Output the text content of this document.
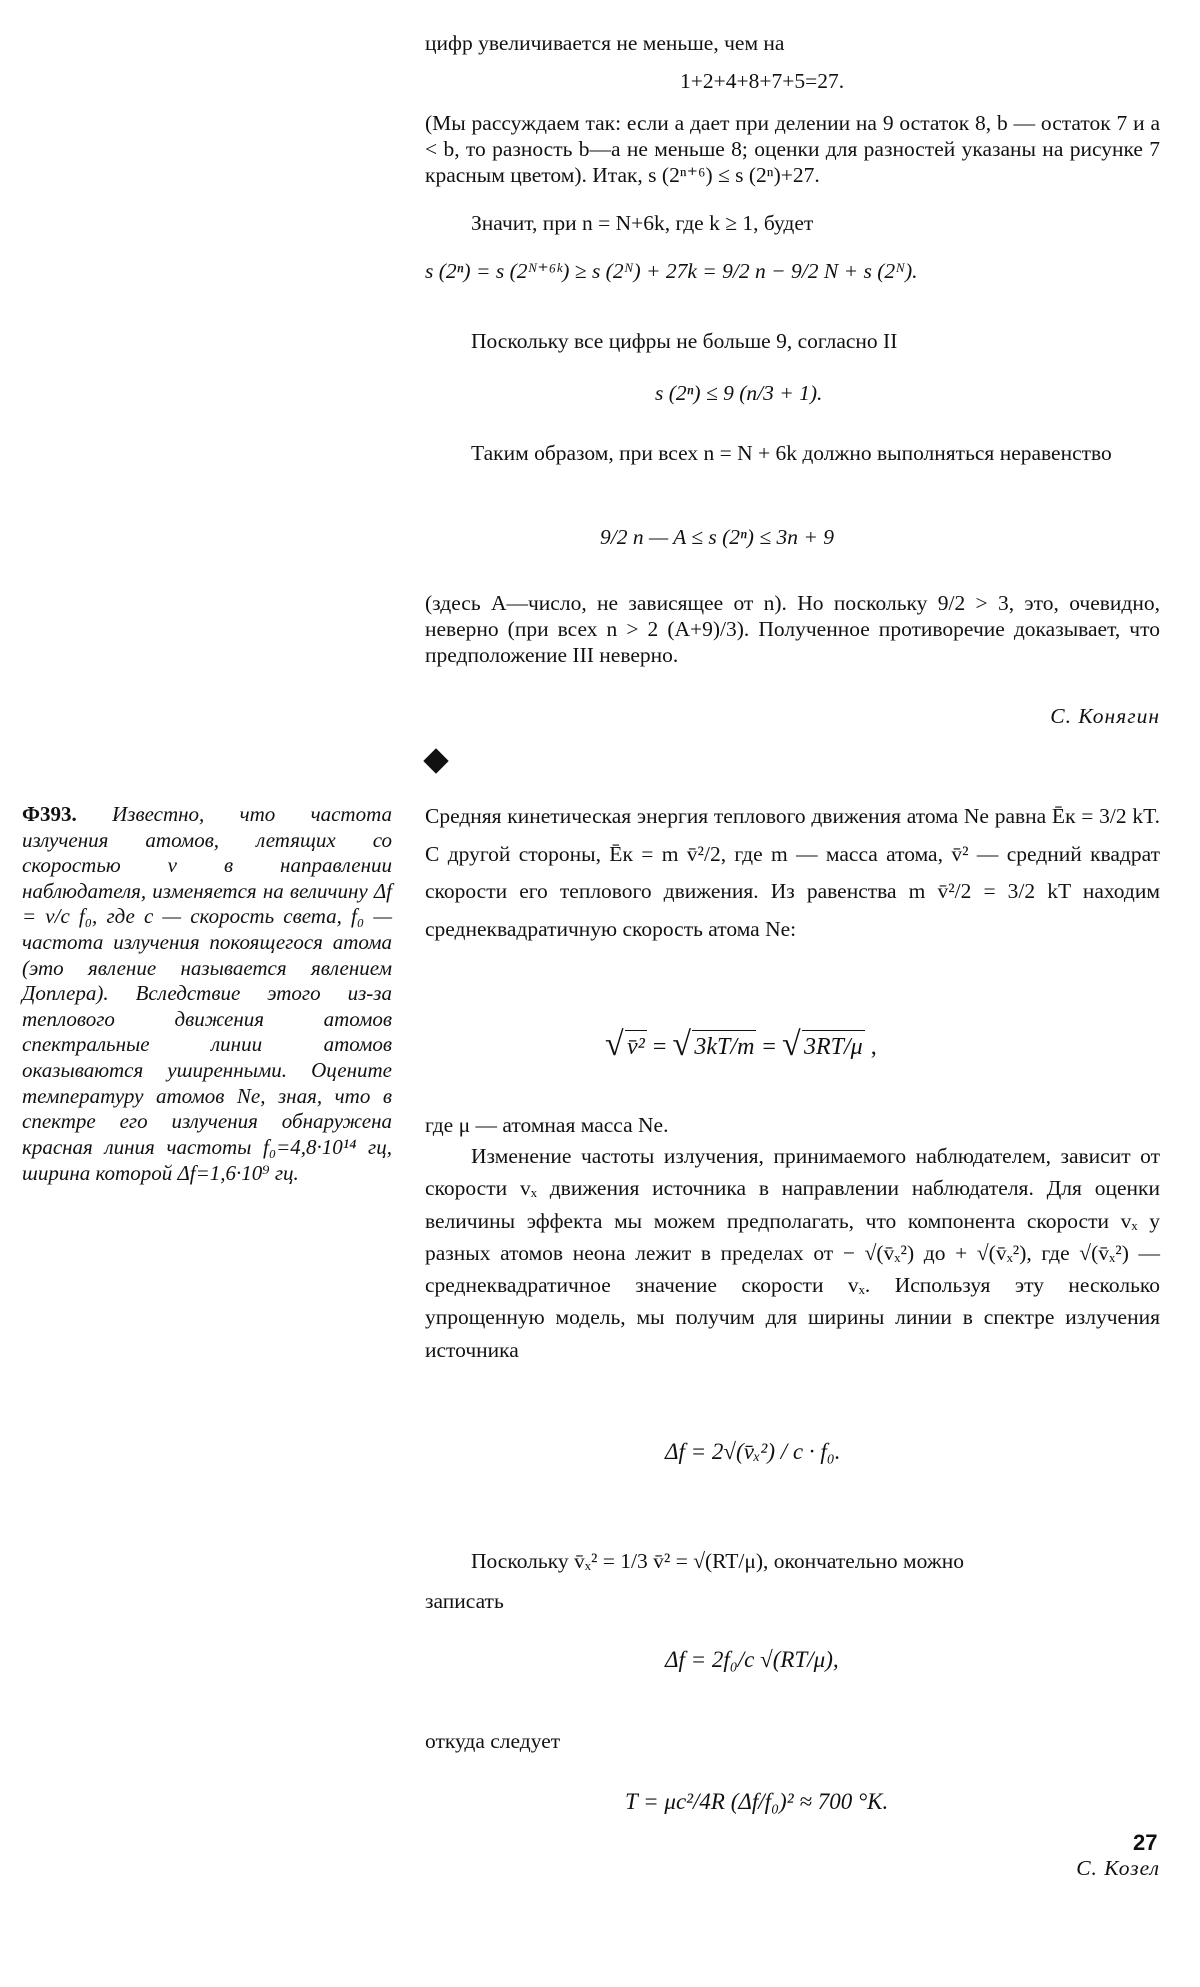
цифр увеличивается не меньше, чем на
1+2+4+8+7+5=27.
(Мы рассуждаем так: если a дает при делении на 9 остаток 8, b — остаток 7 и a < b, то разность b—a не меньше 8; оценки для разностей указаны на рисунке 7 красным цветом). Итак, s (2ⁿ⁺⁶) ≤ s (2ⁿ)+27.
Значит, при n = N+6k, где k ≥ 1, будет
s (2ⁿ) = s (2ᴺ⁺⁶ᵏ) ≥ s (2ᴺ) + 27k = 9/2 n − 9/2 N + s (2ᴺ).
Поскольку все цифры не больше 9, согласно II
s (2ⁿ) ≤ 9 (n/3 + 1).
Таким образом, при всех n = N + 6k должно выполняться неравенство
9/2 n — A ≤ s (2ⁿ) ≤ 3n + 9
(здесь A—число, не зависящее от n). Но поскольку 9/2 > 3, это, очевидно, неверно (при всех n > 2 (A+9)/3). Полученное противоречие доказывает, что предположение III неверно.
С. Конягин
Средняя кинетическая энергия теплового движения атома Ne равна Ēк = 3/2 kT. С другой стороны, Ēк = m v̄²/2, где m — масса атома, v̄² — средний квадрат скорости его теплового движения. Из равенства m v̄²/2 = 3/2 kT находим среднеквадратичную скорость атома Ne:
√ v̄² = √ 3kT/m = √ 3RT/μ ,
где μ — атомная масса Ne.
Изменение частоты излучения, принимаемого наблюдателем, зависит от скорости vₓ движения источника в направлении наблюдателя. Для оценки величины эффекта мы можем предполагать, что компонента скорости vₓ у разных атомов неона лежит в пределах от − √(v̄ₓ²) до + √(v̄ₓ²), где √(v̄ₓ²) — среднеквадратичное значение скорости vₓ. Используя эту несколько упрощенную модель, мы получим для ширины линии в спектре излучения источника
Δf = 2√(v̄ₓ²) / c · f₀.
Поскольку v̄ₓ² = 1/3 v̄² = √(RT/μ), окончательно можно
записать
Δf = 2f₀/c √(RT/μ),
откуда следует
T = μc²/4R (Δf/f₀)² ≈ 700 °K.
С. Козел
Ф393. Известно, что частота излучения атомов, летящих со скоростью v в направлении наблюдателя, изменяется на величину Δf = v/c f₀, где c — скорость света, f₀ — частота излучения покоящегося атома (это явление называется явлением Доплера). Вследствие этого из-за теплового движения атомов спектральные линии атомов оказываются уширенными. Оцените температуру атомов Ne, зная, что в спектре его излучения обнаружена красная линия частоты f₀=4,8·10¹⁴ гц, ширина которой Δf=1,6·10⁹ гц.
27
